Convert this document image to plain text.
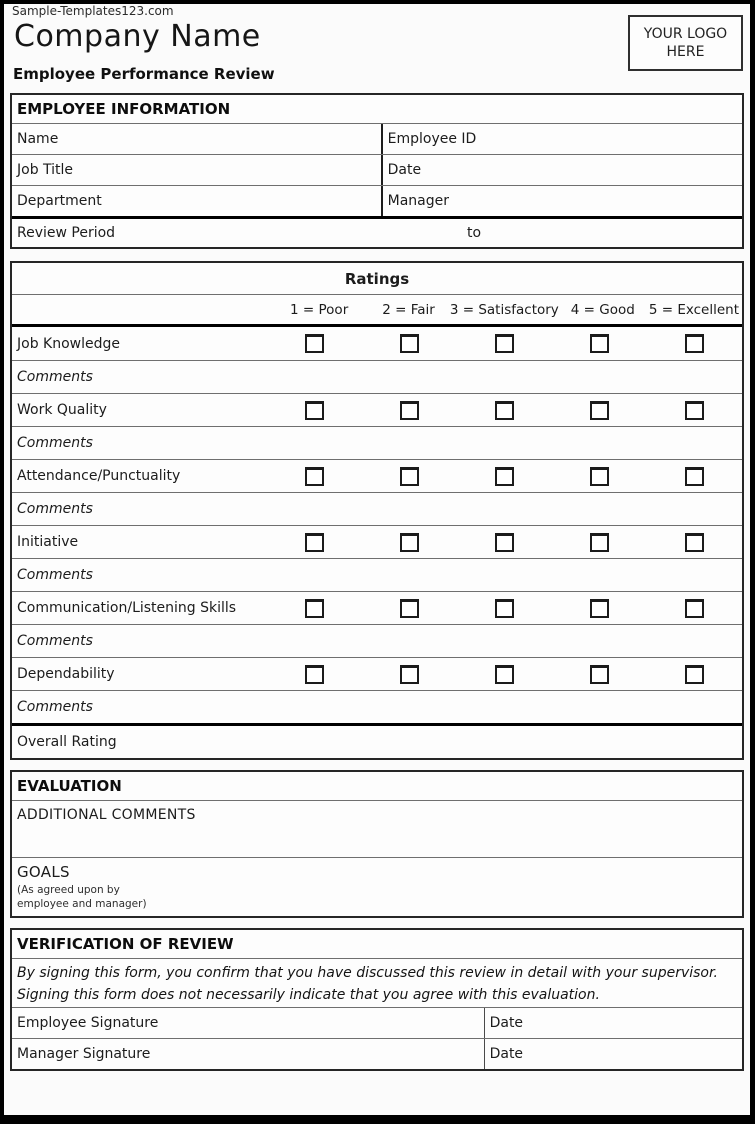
Sample-Templates123.com
Company Name	YOUR LOGO HERE
Employee Performance Review
EMPLOYEE INFORMATION
Name	Employee ID
Job Title	Date
Department	Manager
Review Period	to
Ratings
1 = Poor	2 = Fair 3 = Satisfactory 4 = Good 5 = Excellent
Job Knowledge
Comments
Work Quality
Comments
Attendance/Punctuality
Comments
Initiative
Comments
Communication/Listening Skills
Comments
Dependability
Comments
Overall Rating
EVALUATION
ADDITIONAL COMMENTS
GOALS
(As agreed upon by
employee and manager)
VERIFICATION OF REVIEW
By signing this form, you confirm that you have discussed this review in detail with your supervisor. Signing this form does not necessarily indicate that you agree with this evaluation.
Employee Signature	Date
Manager Signature	Date
